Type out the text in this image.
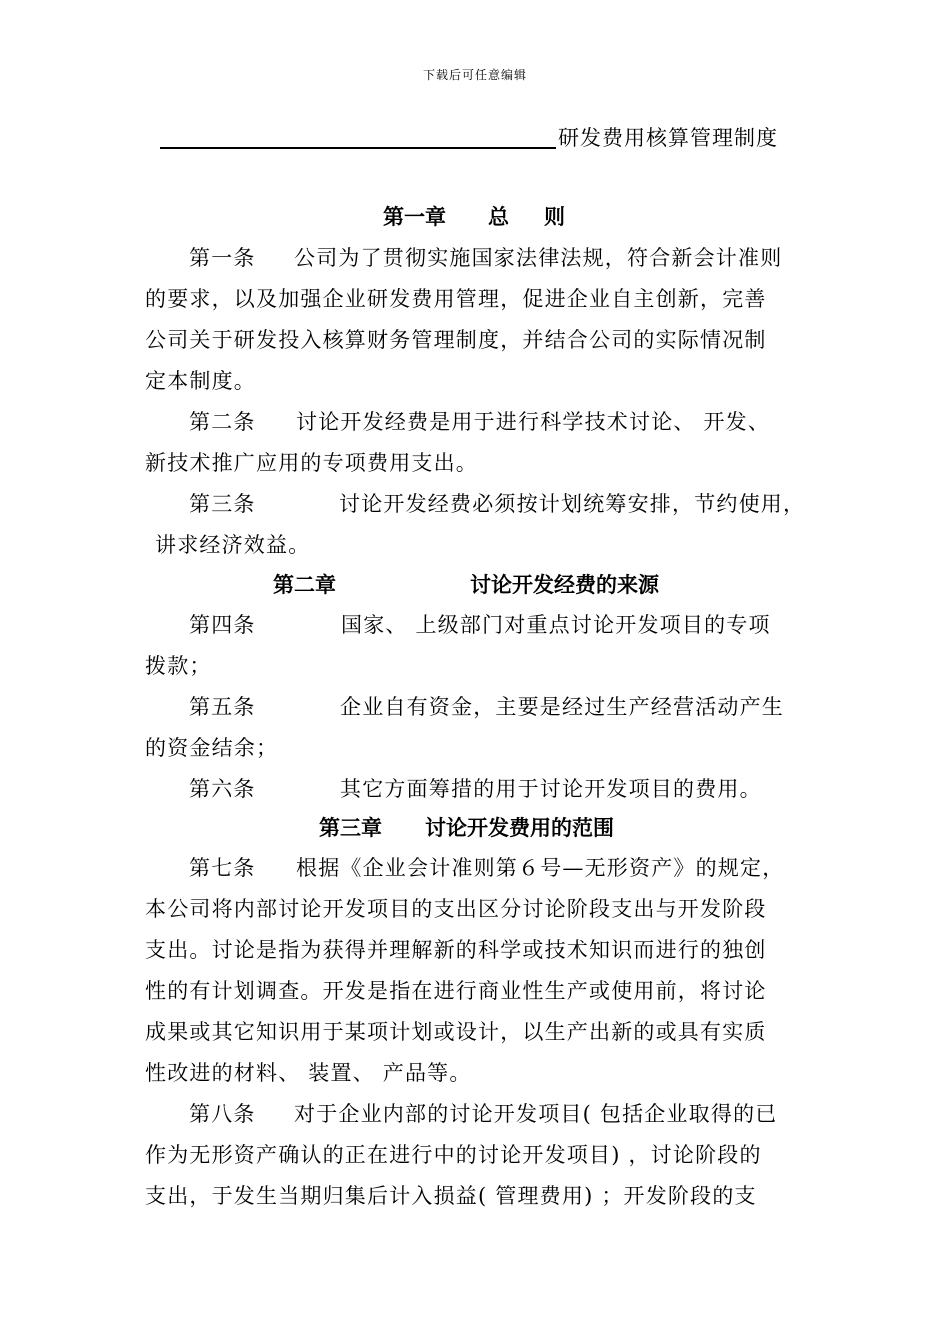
下载后可任意编辑
研发费用核算管理制度
第一章 总 则
第一条 公司为了贯彻实施国家法律法规，符合新会计准则
的要求，以及加强企业研发费用管理，促进企业自主创新，完善
公司关于研发投入核算财务管理制度，并结合公司的实际情况制
定本制度。
第二条 讨论开发经费是用于进行科学技术讨论、 开发、
新技术推广应用的专项费用支出。
第三条	讨论开发经费必须按计划统筹安排，节约使用，
讲求经济效益。
第二章	讨论开发经费的来源
第四条	国家、 上级部门对重点讨论开发项目的专项
拨款；
第五条	企业自有资金，主要是经过生产经营活动产生
的资金结余；
第六条	其它方面筹措的用于讨论开发项目的费用。
第三章 讨论开发费用的范围
第七条 根据《企业会计准则第６号—无形资产》的规定，
本公司将内部讨论开发项目的支出区分讨论阶段支出与开发阶段
支出。讨论是指为获得并理解新的科学或技术知识而进行的独创
性的有计划调查。开发是指在进行商业性生产或使用前，将讨论
成果或其它知识用于某项计划或设计，以生产出新的或具有实质
性改进的材料、 装置、 产品等。
第八条 对于企业内部的讨论开发项目( 包括企业取得的已
作为无形资产确认的正在进行中的讨论开发项目) ，讨论阶段的
支出，于发生当期归集后计入损益( 管理费用) ；开发阶段的支
